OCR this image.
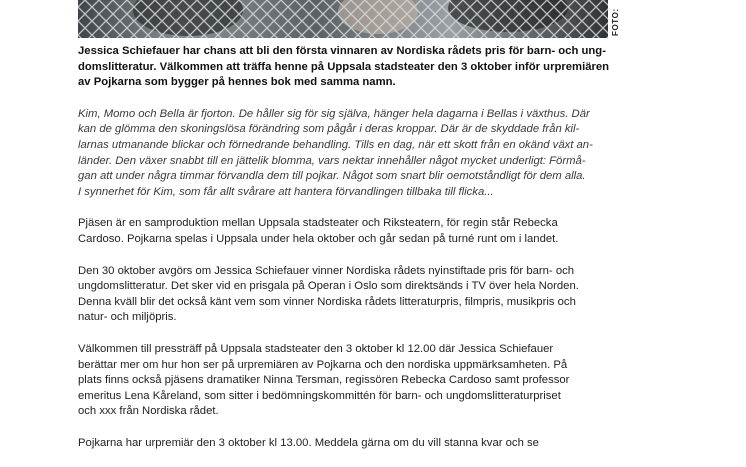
FOTO:

Jessica Schiefauer har chans att bli den första vinnaren av Nordiska rådets pris för barn- och ung-
domslitteratur. Välkommen att träffa henne på Uppsala stadsteater den 3 oktober inför urpremiären
av Pojkarna som bygger på hennes bok med samma namn.

Kim, Momo och Bella är fjorton. De håller sig för sig själva, hänger hela dagarna i Bellas i växthus. Där
kan de glömma den skoningslösa förändring som pågår i deras kroppar. Där är de skyddade från kil-
larnas utmanande blickar och förnedrande behandling. Tills en dag, när ett skott från en okänd växt an-
länder. Den växer snabbt till en jättelik blomma, vars nektar innehåller något mycket underligt: Förmå-
gan att under några timmar förvandla dem till pojkar. Något som snart blir oemotståndligt för dem alla.
I synnerhet för Kim, som får allt svårare att hantera förvandlingen tillbaka till flicka...

Pjäsen är en samproduktion mellan Uppsala stadsteater och Riksteatern, för regin står Rebecka
Cardoso. Pojkarna spelas i Uppsala under hela oktober och går sedan på turné runt om i landet.

Den 30 oktober avgörs om Jessica Schiefauer vinner Nordiska rådets nyinstiftade pris för barn- och
ungdomslitteratur. Det sker vid en prisgala på Operan i Oslo som direktsänds i TV över hela Norden.
Denna kväll blir det också känt vem som vinner Nordiska rådets litteraturpris, filmpris, musikpris och
natur- och miljöpris.

Välkommen till pressträff på Uppsala stadsteater den 3 oktober kl 12.00 där Jessica Schiefauer
berättar mer om hur hon ser på urpremiären av Pojkarna och den nordiska uppmärksamheten. På
plats finns också pjäsens dramatiker Ninna Tersman, regissören Rebecka Cardoso samt professor
emeritus Lena Kåreland, som sitter i bedömningskommittén för barn- och ungdomslitteraturpriset
och xxx från Nordiska rådet.

Pojkarna har urpremiär den 3 oktober kl 13.00. Meddela gärna om du vill stanna kvar och se
